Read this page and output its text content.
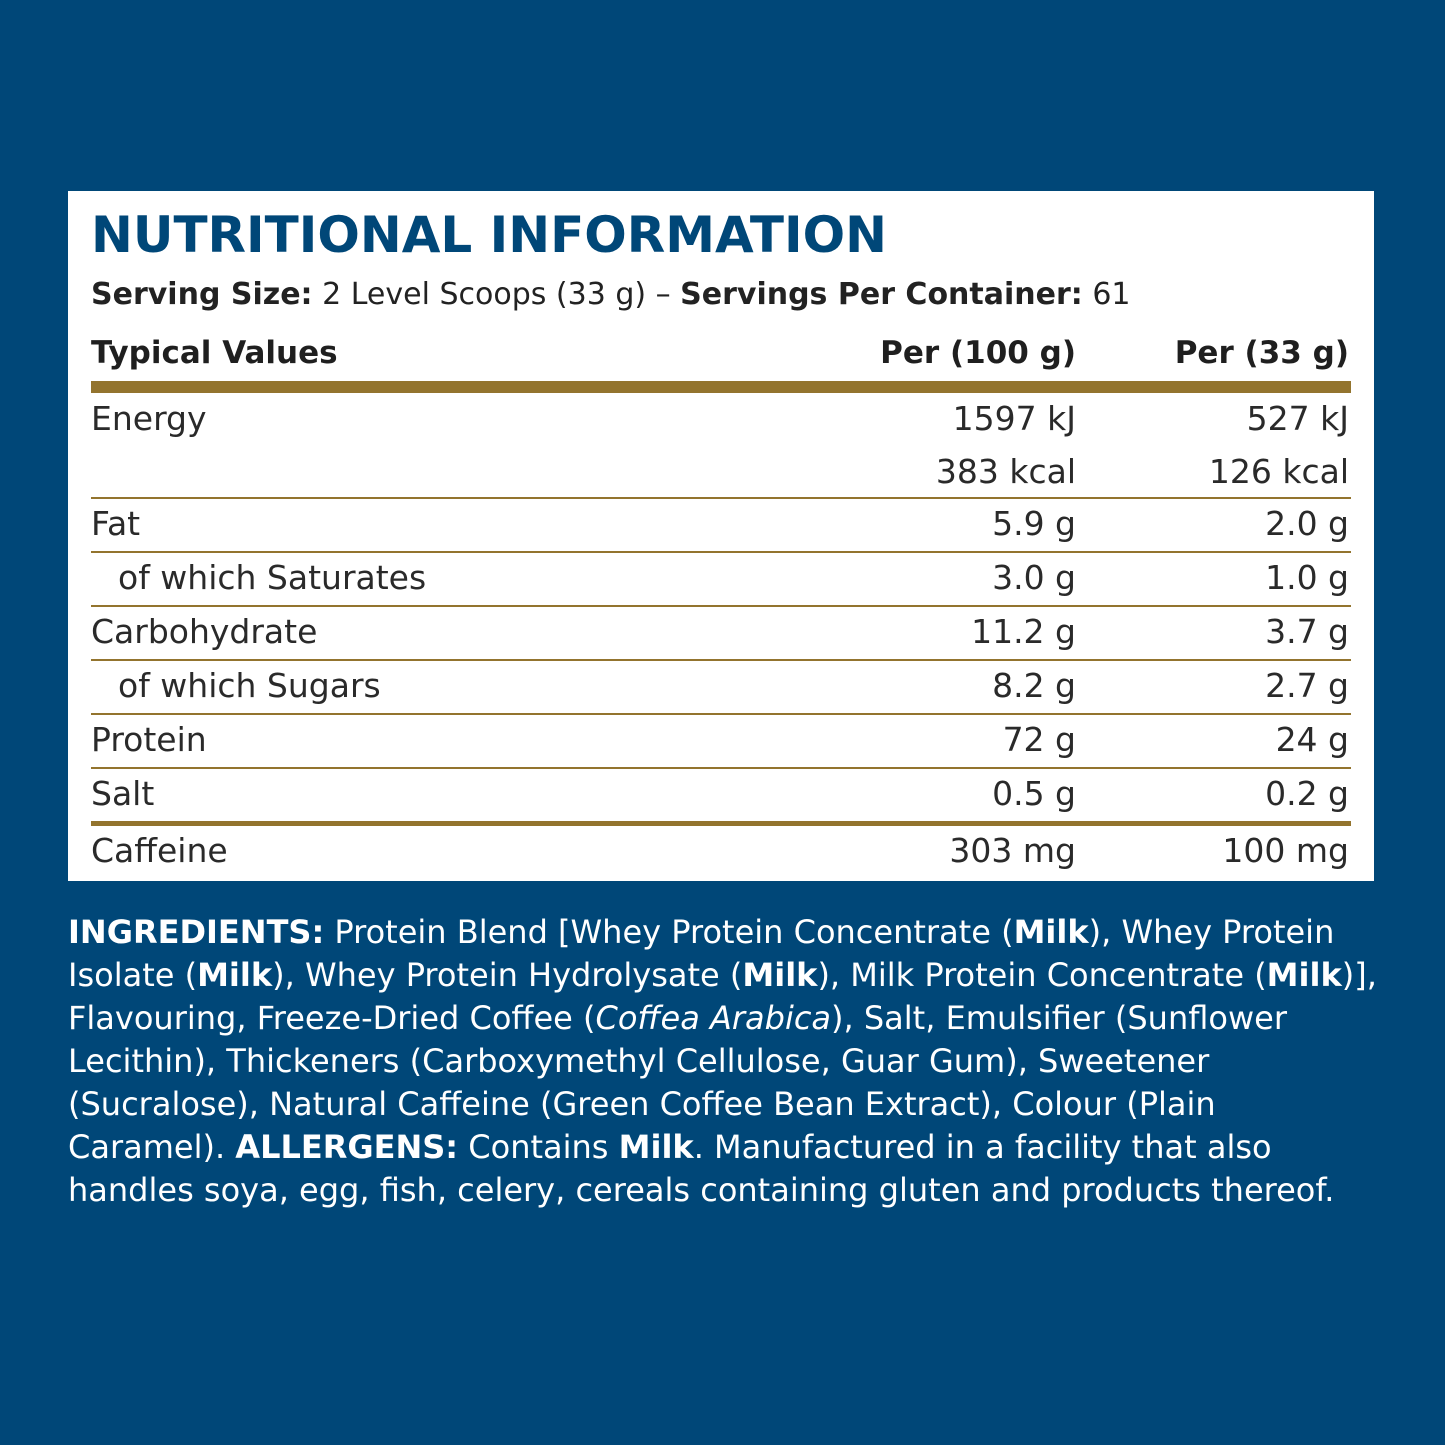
NUTRITIONAL INFORMATION
Serving Size: 2 Level Scoops (33 g) – Servings Per Container: 61
Typical Values	Per (100 g)	Per (33 g)
Energy	1597 kJ	527 kJ
383 kcal	126 kcal
Fat	5.9 g	2.0 g
of which Saturates	3.0 g	1.0 g
Carbohydrate	11.2 g	3.7 g
of which Sugars	8.2 g	2.7 g
Protein	72 g	24 g
Salt	0.5 g	0.2 g
Caffeine	303 mg	100 mg
INGREDIENTS: Protein Blend [Whey Protein Concentrate (Milk), Whey Protein Isolate (Milk), Whey Protein Hydrolysate (Milk), Milk Protein Concentrate (Milk)], Flavouring, Freeze-Dried Coffee (Coffea Arabica), Salt, Emulsifier (Sunflower Lecithin), Thickeners (Carboxymethyl Cellulose, Guar Gum), Sweetener (Sucralose), Natural Caffeine (Green Coffee Bean Extract), Colour (Plain Caramel). ALLERGENS: Contains Milk. Manufactured in a facility that also handles soya, egg, fish, celery, cereals containing gluten and products thereof.
